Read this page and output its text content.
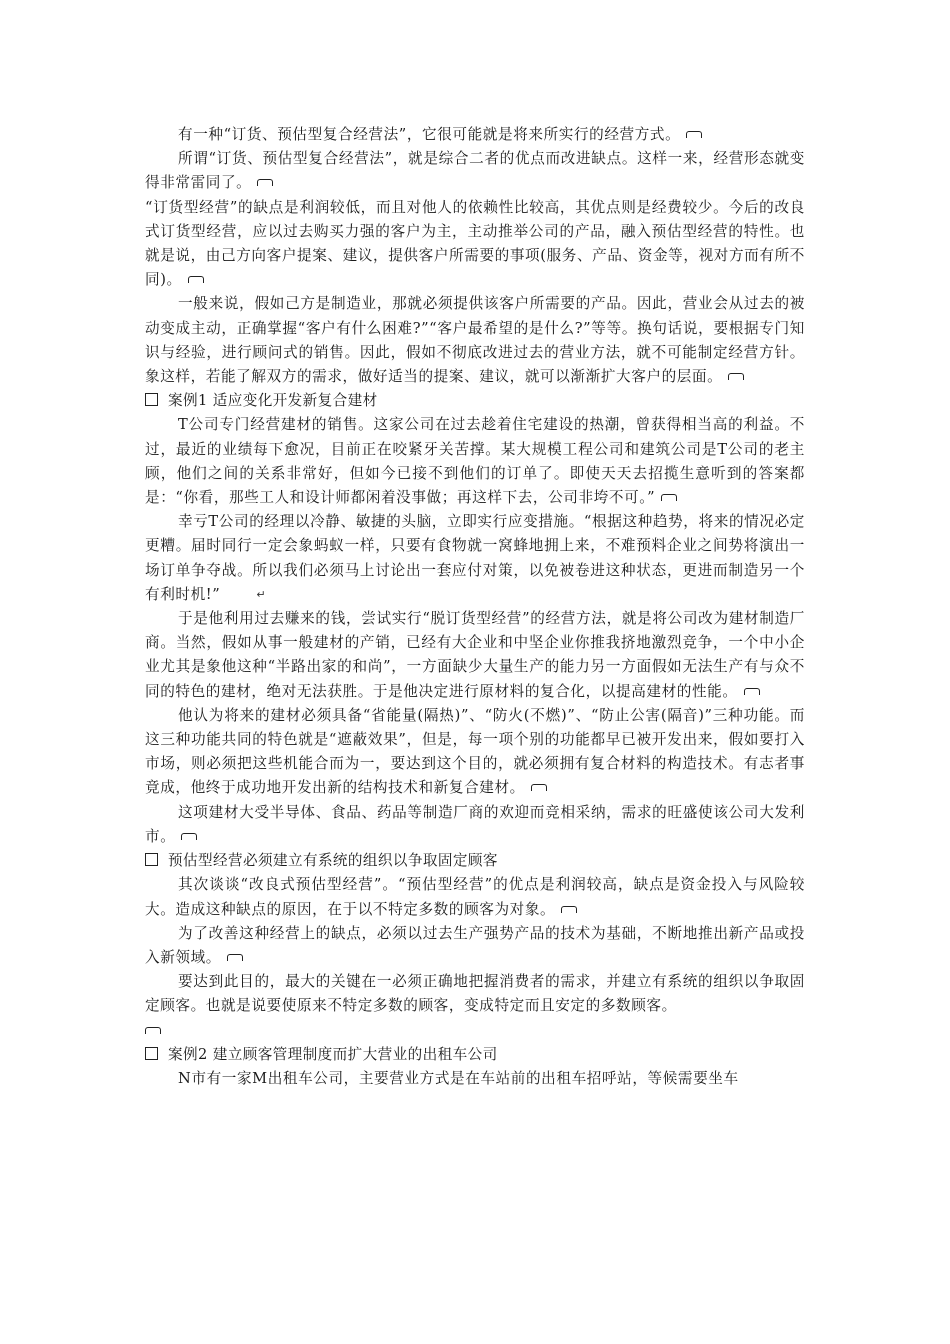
有一种“订货、预估型复合经营法”，它很可能就是将来所实行的经营方式。

所谓“订货、预估型复合经营法”，就是综合二者的优点而改进缺点。这样一来，经营形态就变得非常雷同了。

“订货型经营”的缺点是利润较低，而且对他人的依赖性比较高，其优点则是经费较少。今后的改良式订货型经营，应以过去购买力强的客户为主，主动推举公司的产品，融入预估型经营的特性。也就是说，由己方向客户提案、建议，提供客户所需要的事项(服务、产品、资金等，视对方而有所不同)。

一般来说，假如己方是制造业，那就必须提供该客户所需要的产品。因此，营业会从过去的被动变成主动，正确掌握“客户有什么困难?”“客户最希望的是什么?”等等。换句话说，要根据专门知识与经验，进行顾问式的销售。因此，假如不彻底改进过去的营业方法，就不可能制定经营方针。象这样，若能了解双方的需求，做好适当的提案、建议，就可以渐渐扩大客户的层面。

案例1 适应变化开发新复合建材

T公司专门经营建材的销售。这家公司在过去趁着住宅建设的热潮，曾获得相当高的利益。不过，最近的业绩每下愈况，目前正在咬紧牙关苦撑。某大规模工程公司和建筑公司是T公司的老主顾，他们之间的关系非常好，但如今已接不到他们的订单了。即使天天去招揽生意听到的答案都是：“你看，那些工人和设计师都闲着没事做；再这样下去，公司非垮不可。”

幸亏T公司的经理以冷静、敏捷的头脑，立即实行应变措施。“根据这种趋势，将来的情况必定更糟。届时同行一定会象蚂蚁一样，只要有食物就一窝蜂地拥上来，不难预料企业之间势将演出一场订单争夺战。所以我们必须马上讨论出一套应付对策，以免被卷进这种状态，更进而制造另一个有利时机!”	↵

于是他利用过去赚来的钱，尝试实行“脱订货型经营”的经营方法，就是将公司改为建材制造厂商。当然，假如从事一般建材的产销，已经有大企业和中坚企业你推我挤地激烈竞争，一个中小企业尤其是象他这种“半路出家的和尚”，一方面缺少大量生产的能力另一方面假如无法生产有与众不同的特色的建材，绝对无法获胜。于是他决定进行原材料的复合化，以提高建材的性能。

他认为将来的建材必须具备“省能量(隔热)”、“防火(不燃)”、“防止公害(隔音)”三种功能。而这三种功能共同的特色就是“遮蔽效果”，但是，每一项个别的功能都早已被开发出来，假如要打入市场，则必须把这些机能合而为一，要达到这个目的，就必须拥有复合材料的构造技术。有志者事竟成，他终于成功地开发出新的结构技术和新复合建材。

这项建材大受半导体、食品、药品等制造厂商的欢迎而竞相采纳，需求的旺盛使该公司大发利市。

预估型经营必须建立有系统的组织以争取固定顾客

其次谈谈“改良式预估型经营”。“预估型经营”的优点是利润较高，缺点是资金投入与风险较大。造成这种缺点的原因，在于以不特定多数的顾客为对象。

为了改善这种经营上的缺点，必须以过去生产强势产品的技术为基础，不断地推出新产品或投入新领域。

要达到此目的，最大的关键在一必须正确地把握消费者的需求，并建立有系统的组织以争取固定顾客。也就是说要使原来不特定多数的顾客，变成特定而且安定的多数顾客。

案例2 建立顾客管理制度而扩大营业的出租车公司

N市有一家M出租车公司，主要营业方式是在车站前的出租车招呼站，等候需要坐车
